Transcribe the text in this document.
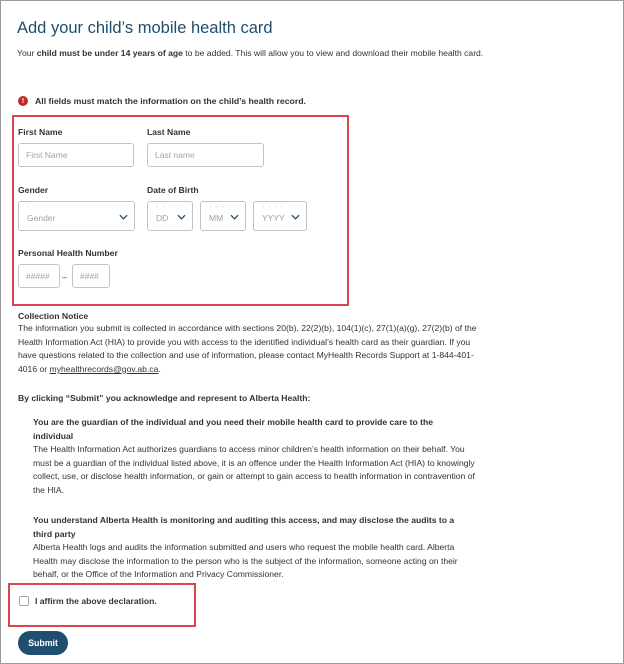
Add your child’s mobile health card
Your child must be under 14 years of age to be added. This will allow you to view and download their mobile health card.
!	All fields must match the information on the child’s health record.
First Name
First Name	Last Name
Last name
Gender
-
Gender
Date of Birth
- -
DD
- - -
MM
- - - -
YYYY
Personal Health Number
#####
–
####
Collection Notice
The information you submit is collected in accordance with sections 20(b), 22(2)(b), 104(1)(c), 27(1)(a)(g), 27(2)(b) of the Health Information Act (HIA) to provide you with access to the identified individual’s health card as their guardian. If you have questions related to the collection and use of information, please contact MyHealth Records Support at 1-844-401-4016 or myhealthrecords@gov.ab.ca.
By clicking “Submit” you acknowledge and represent to Alberta Health:
You are the guardian of the individual and you need their mobile health card to provide care to the individual
The Health Information Act authorizes guardians to access minor children’s health information on their behalf. You must be a guardian of the individual listed above, it is an offence under the Health Information Act (HIA) to knowingly collect, use, or disclose health information, or gain or attempt to gain access to health information in contravention of the HIA.
You understand Alberta Health is monitoring and auditing this access, and may disclose the audits to a third party
Alberta Health logs and audits the information submitted and users who request the mobile health card. Alberta Health may disclose the information to the person who is the subject of the information, someone acting on their behalf, or the Office of the Information and Privacy Commissioner.
I affirm the above declaration.
Submit
